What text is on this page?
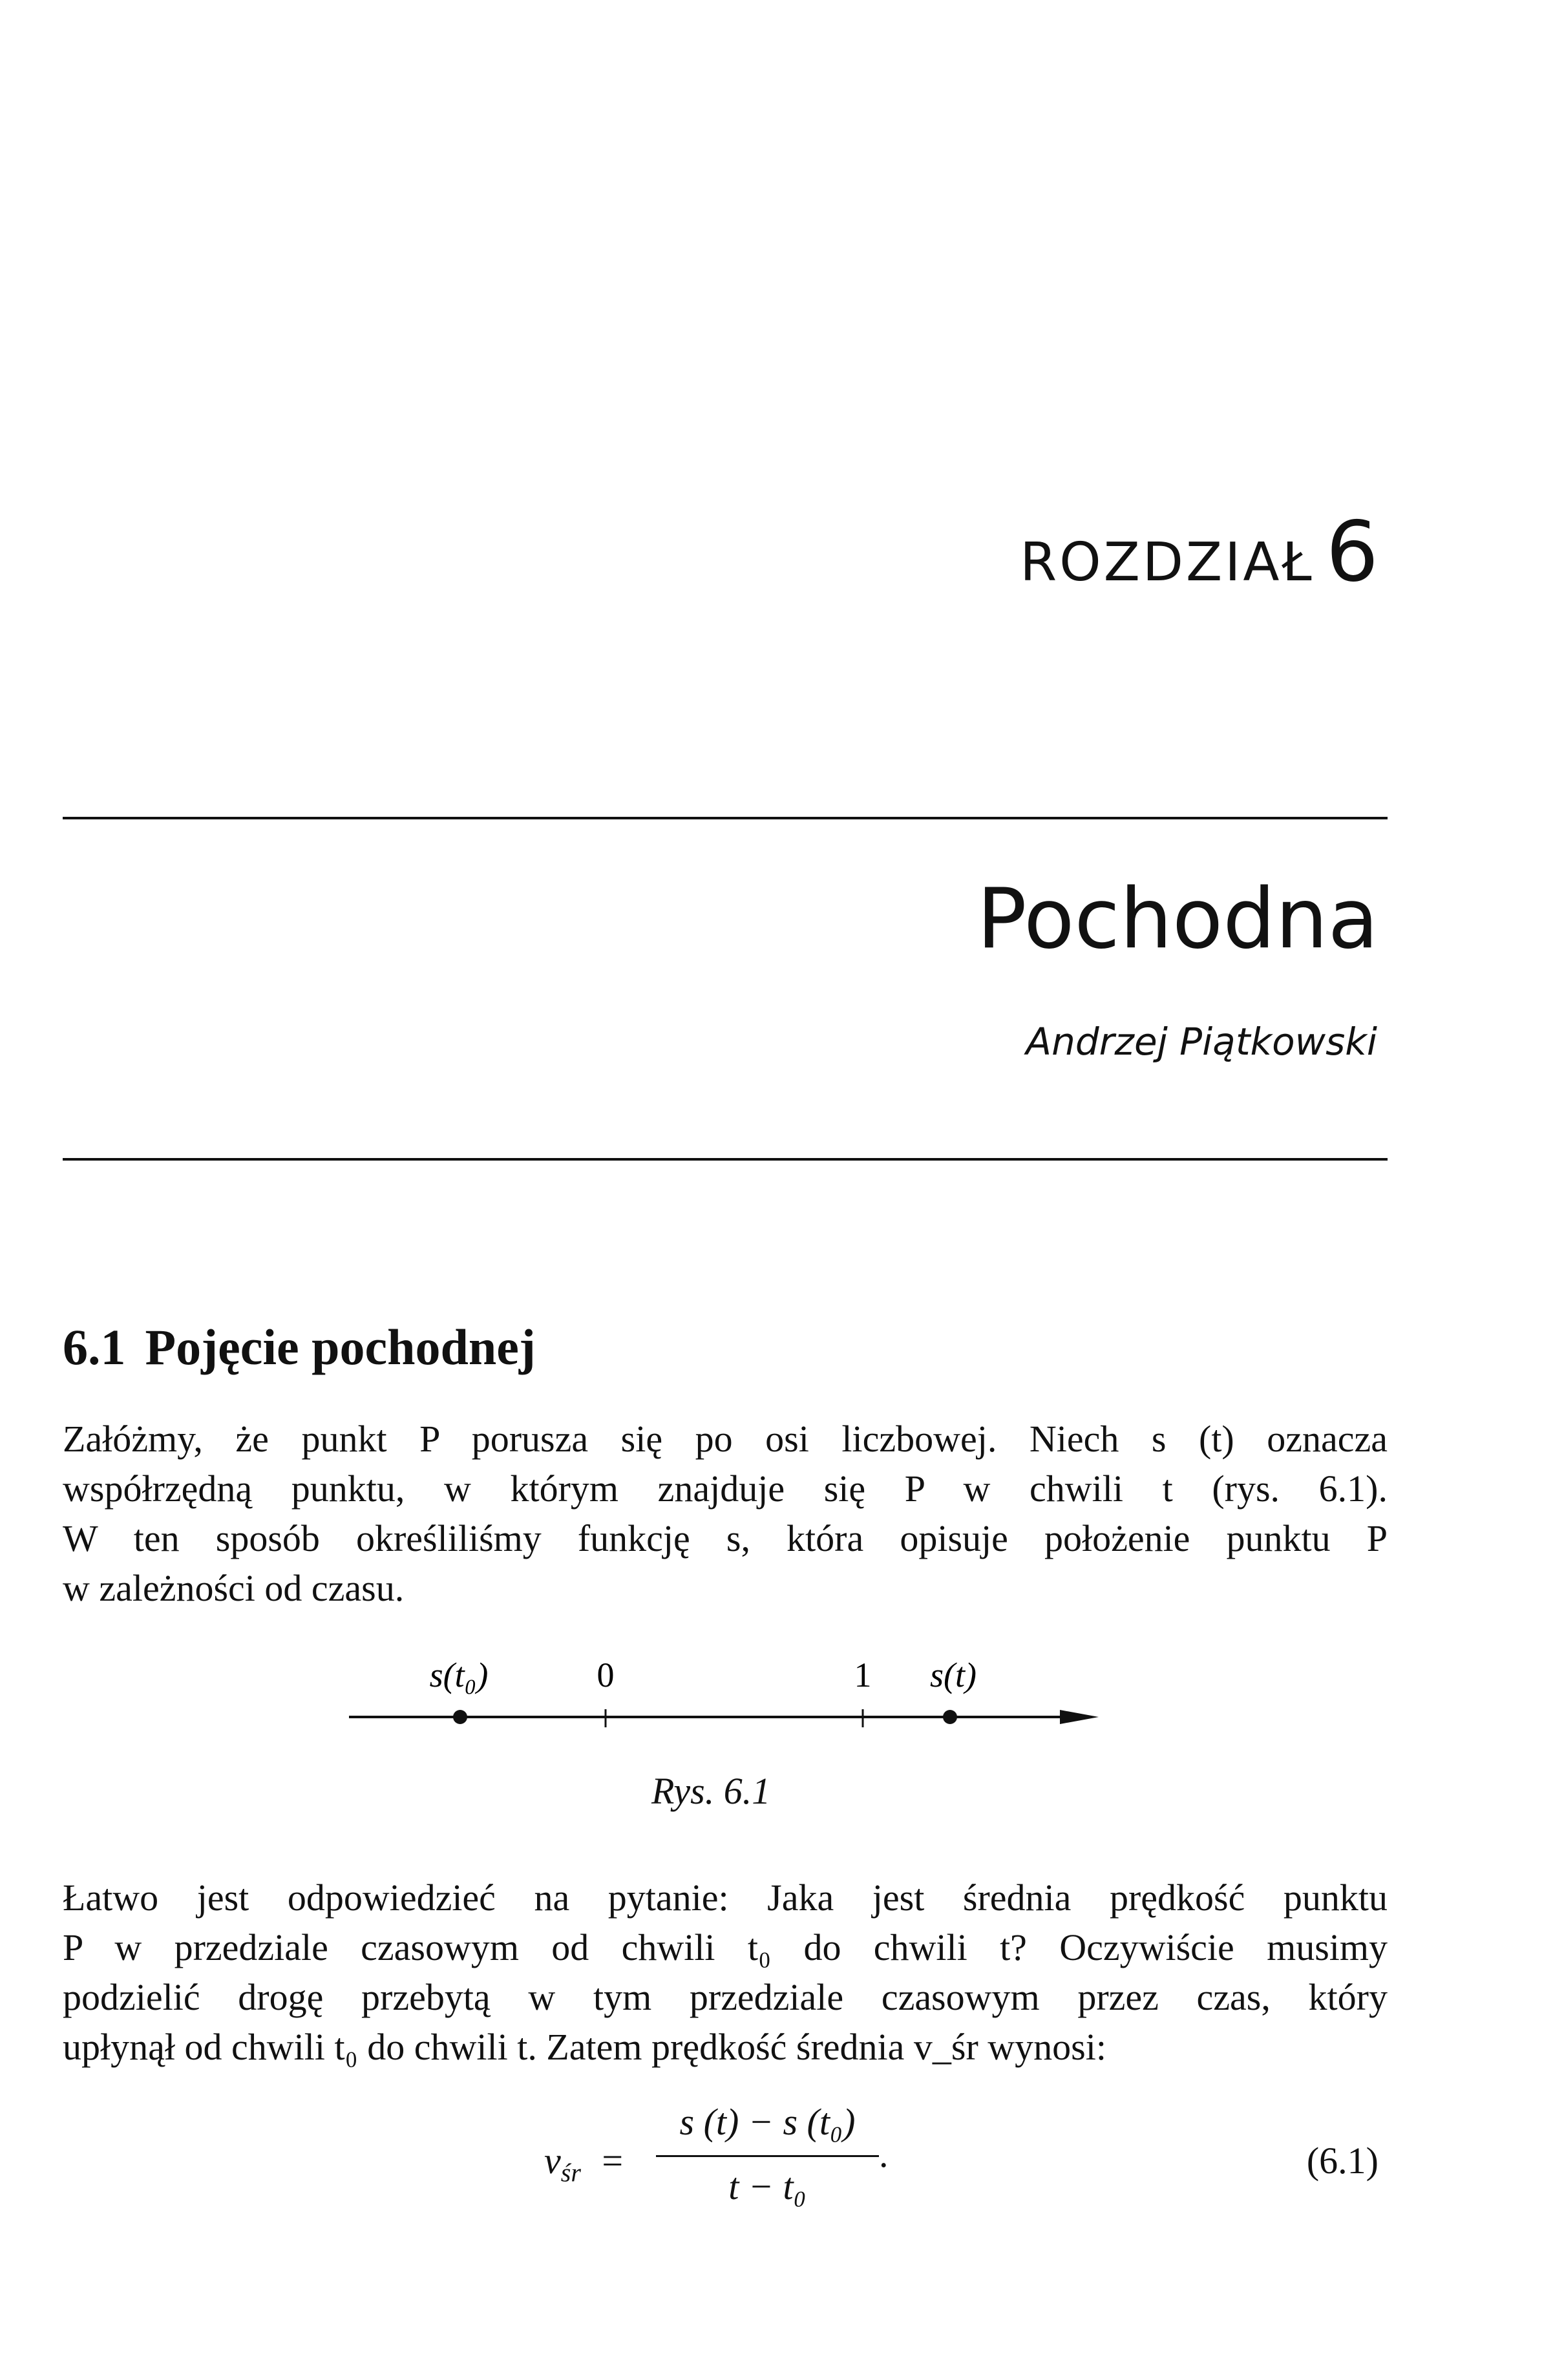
ROZDZIAŁ 6
Pochodna
Andrzej Piątkowski
6.1 Pojęcie pochodnej
Załóżmy, że punkt P porusza się po osi liczbowej. Niech s (t) oznacza
współrzędną punktu, w którym znajduje się P w chwili t (rys. 6.1).
W ten sposób określiliśmy funkcję s, która opisuje położenie punktu P
w zależności od czasu.
s(t₀)	0	1 s(t)
Rys. 6.1
Łatwo jest odpowiedzieć na pytanie: Jaka jest średnia prędkość punktu
P w przedziale czasowym od chwili t₀ do chwili t? Oczywiście musimy
podzielić drogę przebytą w tym przedziale czasowym przez czas, który
upłynął od chwili t₀ do chwili t. Zatem prędkość średnia v_śr wynosi:
$v_{śr}$ =
s (t) − s (t₀)
t − t₀
.	(6.1)
